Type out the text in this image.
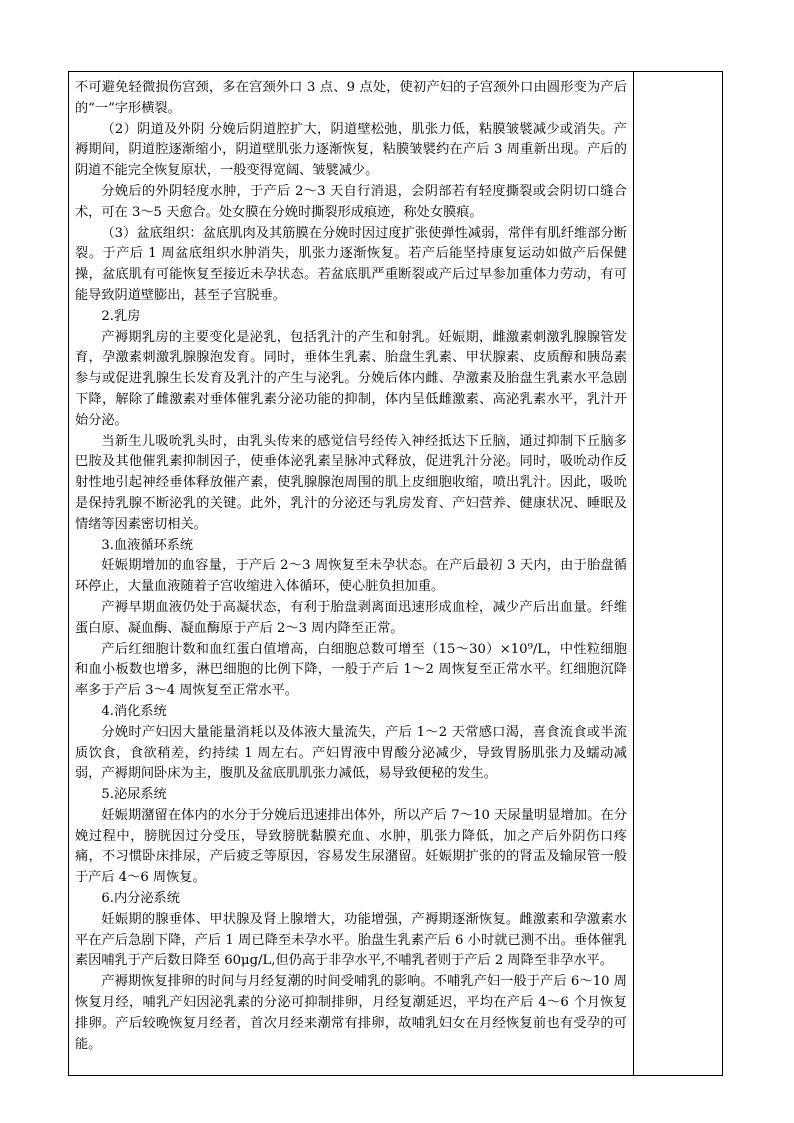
不可避免轻微损伤宫颈，多在宫颈外口 3 点、9 点处，使初产妇的子宫颈外口由圆形变为产后的“一”字形横裂。

（2）阴道及外阴 分娩后阴道腔扩大，阴道壁松弛，肌张力低，粘膜皱襞减少或消失。产褥期间，阴道腔逐渐缩小，阴道壁肌张力逐渐恢复，粘膜皱襞约在产后 3 周重新出现。产后的阴道不能完全恢复原状，一般变得宽阔、皱襞减少。

分娩后的外阴轻度水肿，于产后 2～3 天自行消退，会阴部若有轻度撕裂或会阴切口缝合术，可在 3～5 天愈合。处女膜在分娩时撕裂形成痕迹，称处女膜痕。

（3）盆底组织：盆底肌肉及其筋膜在分娩时因过度扩张使弹性减弱，常伴有肌纤维部分断裂。于产后 1 周盆底组织水肿消失，肌张力逐渐恢复。若产后能坚持康复运动如做产后保健操，盆底肌有可能恢复至接近未孕状态。若盆底肌严重断裂或产后过早参加重体力劳动，有可能导致阴道壁膨出，甚至子宫脱垂。

2.乳房

产褥期乳房的主要变化是泌乳，包括乳汁的产生和射乳。妊娠期，雌激素刺激乳腺腺管发育，孕激素刺激乳腺腺泡发育。同时，垂体生乳素、胎盘生乳素、甲状腺素、皮质醇和胰岛素参与或促进乳腺生长发育及乳汁的产生与泌乳。分娩后体内雌、孕激素及胎盘生乳素水平急剧下降，解除了雌激素对垂体催乳素分泌功能的抑制，体内呈低雌激素、高泌乳素水平，乳汁开始分泌。

当新生儿吸吮乳头时，由乳头传来的感觉信号经传入神经抵达下丘脑，通过抑制下丘脑多巴胺及其他催乳素抑制因子，使垂体泌乳素呈脉冲式释放，促进乳汁分泌。同时，吸吮动作反射性地引起神经垂体释放催产素，使乳腺腺泡周围的肌上皮细胞收缩，喷出乳汁。因此，吸吮是保持乳腺不断泌乳的关键。此外，乳汁的分泌还与乳房发育、产妇营养、健康状况、睡眠及情绪等因素密切相关。

3.血液循环系统

妊娠期增加的血容量，于产后 2～3 周恢复至未孕状态。在产后最初 3 天内，由于胎盘循环停止，大量血液随着子宫收缩进入体循环，使心脏负担加重。

产褥早期血液仍处于高凝状态，有利于胎盘剥离面迅速形成血栓，减少产后出血量。纤维蛋白原、凝血酶、凝血酶原于产后 2～3 周内降至正常。

产后红细胞计数和血红蛋白值增高，白细胞总数可增至（15～30）×10⁹/L，中性粒细胞和血小板数也增多，淋巴细胞的比例下降，一般于产后 1～2 周恢复至正常水平。红细胞沉降率多于产后 3～4 周恢复至正常水平。

4.消化系统

分娩时产妇因大量能量消耗以及体液大量流失，产后 1～2 天常感口渴，喜食流食或半流质饮食，食欲稍差，约持续 1 周左右。产妇胃液中胃酸分泌减少，导致胃肠肌张力及蠕动减弱，产褥期间卧床为主，腹肌及盆底肌肌张力减低，易导致便秘的发生。

5.泌尿系统

妊娠期潴留在体内的水分于分娩后迅速排出体外，所以产后 7～10 天尿量明显增加。在分娩过程中，膀胱因过分受压，导致膀胱黏膜充血、水肿，肌张力降低，加之产后外阴伤口疼痛，不习惯卧床排尿，产后疲乏等原因，容易发生尿潴留。妊娠期扩张的的肾盂及输尿管一般于产后 4～6 周恢复。

6.内分泌系统

妊娠期的腺垂体、甲状腺及肾上腺增大，功能增强，产褥期逐渐恢复。雌激素和孕激素水平在产后急剧下降，产后 1 周已降至未孕水平。胎盘生乳素产后 6 小时就已测不出。垂体催乳素因哺乳于产后数日降至 60μg/L,但仍高于非孕水平,不哺乳者则于产后 2 周降至非孕水平。

产褥期恢复排卵的时间与月经复潮的时间受哺乳的影响。不哺乳产妇一般于产后 6～10 周恢复月经，哺乳产妇因泌乳素的分泌可抑制排卵，月经复潮延迟，平均在产后 4～6 个月恢复排卵。产后较晚恢复月经者，首次月经来潮常有排卵，故哺乳妇女在月经恢复前也有受孕的可能。
